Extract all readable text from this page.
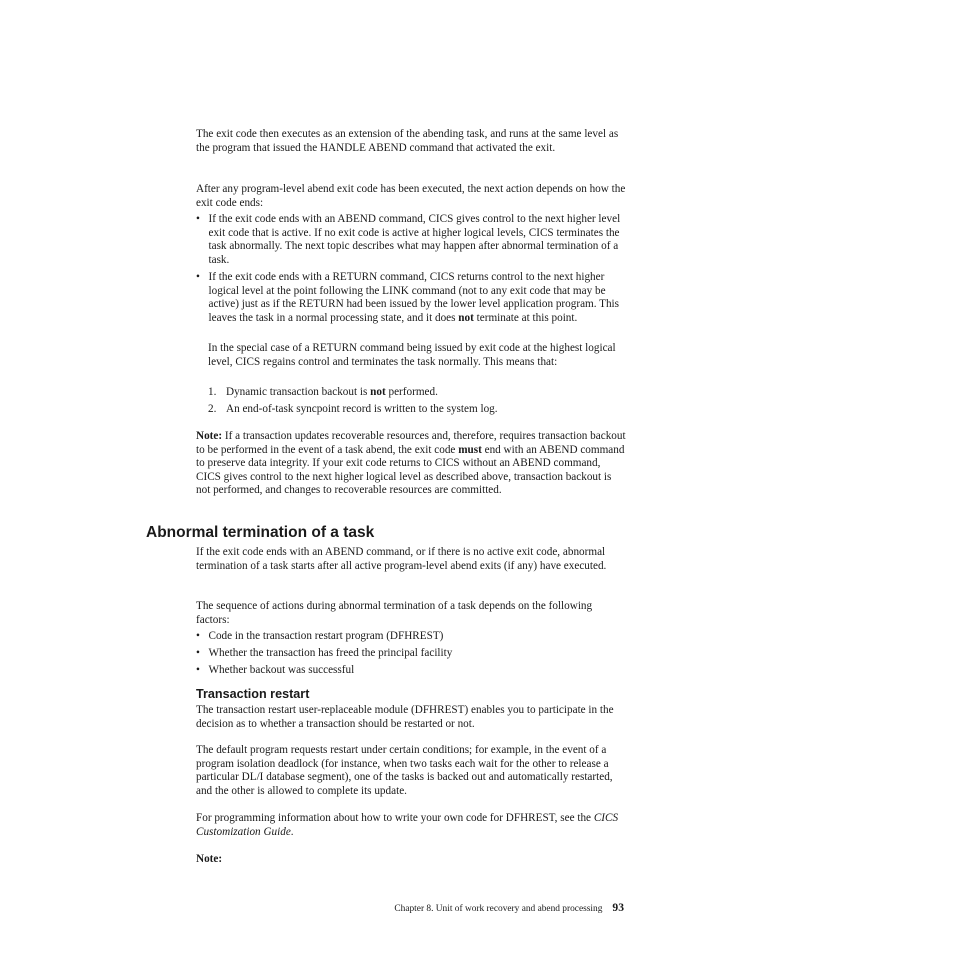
The exit code then executes as an extension of the abending task, and runs at the same level as the program that issued the HANDLE ABEND command that activated the exit.

After any program-level abend exit code has been executed, the next action depends on how the exit code ends:

• If the exit code ends with an ABEND command, CICS gives control to the next higher level exit code that is active. If no exit code is active at higher logical levels, CICS terminates the task abnormally. The next topic describes what may happen after abnormal termination of a task.
• If the exit code ends with a RETURN command, CICS returns control to the next higher logical level at the point following the LINK command (not to any exit code that may be active) just as if the RETURN had been issued by the lower level application program. This leaves the task in a normal processing state, and it does not terminate at this point.

In the special case of a RETURN command being issued by exit code at the highest logical level, CICS regains control and terminates the task normally. This means that:

1. Dynamic transaction backout is not performed.
2. An end-of-task syncpoint record is written to the system log.

Note: If a transaction updates recoverable resources and, therefore, requires transaction backout to be performed in the event of a task abend, the exit code must end with an ABEND command to preserve data integrity. If your exit code returns to CICS without an ABEND command, CICS gives control to the next higher logical level as described above, transaction backout is not performed, and changes to recoverable resources are committed.

Abnormal termination of a task

If the exit code ends with an ABEND command, or if there is no active exit code, abnormal termination of a task starts after all active program-level abend exits (if any) have executed.

The sequence of actions during abnormal termination of a task depends on the following factors:

• Code in the transaction restart program (DFHREST)
• Whether the transaction has freed the principal facility
• Whether backout was successful
Transaction restart

The transaction restart user-replaceable module (DFHREST) enables you to participate in the decision as to whether a transaction should be restarted or not.

The default program requests restart under certain conditions; for example, in the event of a program isolation deadlock (for instance, when two tasks each wait for the other to release a particular DL/I database segment), one of the tasks is backed out and automatically restarted, and the other is allowed to complete its update.

For programming information about how to write your own code for DFHREST, see the CICS Customization Guide.

Note:

Chapter 8. Unit of work recovery and abend processing 93
